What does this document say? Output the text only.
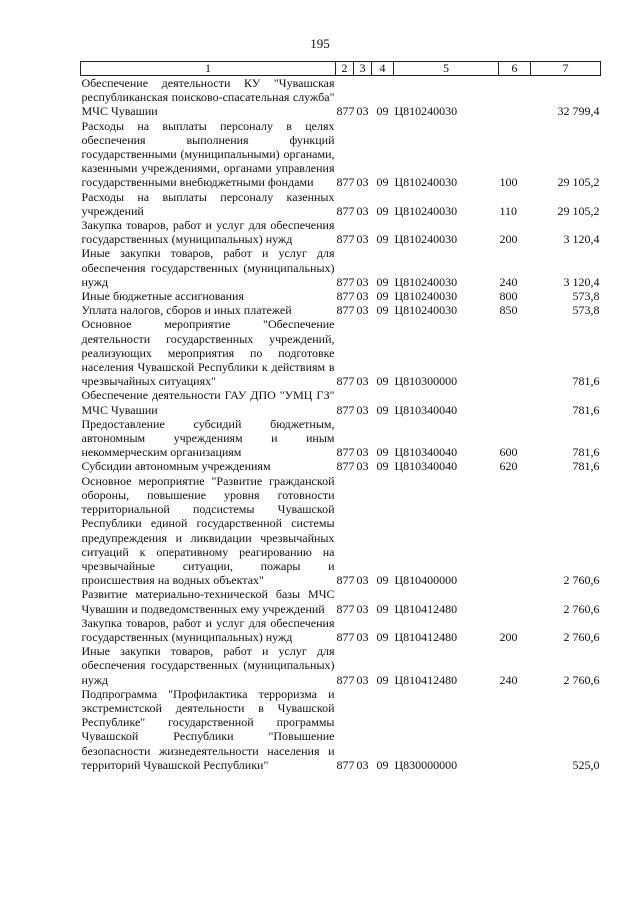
195
1	2	3	4	5	6	7
Обеспечение деятельности КУ "Чувашская республиканская поисково-спасательная служба" МЧС Чувашии	877	03	09	Ц810240030		32 799,4
Расходы на выплаты персоналу в целях обеспечения выполнения функций государственными (муниципальными) органами, казенными учреждениями, органами управления государственными внебюджетными фондами	877	03	09	Ц810240030	100	29 105,2
Расходы на выплаты персоналу казенных учреждений	877	03	09	Ц810240030	110	29 105,2
Закупка товаров, работ и услуг для обеспечения государственных (муниципальных) нужд	877	03	09	Ц810240030	200	3 120,4
Иные закупки товаров, работ и услуг для обеспечения государственных (муниципальных) нужд	877	03	09	Ц810240030	240	3 120,4
Иные бюджетные ассигнования	877	03	09	Ц810240030	800	573,8
Уплата налогов, сборов и иных платежей	877	03	09	Ц810240030	850	573,8
Основное мероприятие "Обеспечение деятельности государственных учреждений, реализующих мероприятия по подготовке населения Чувашской Республики к действиям в чрезвычайных ситуациях"	877	03	09	Ц810300000		781,6
Обеспечение деятельности ГАУ ДПО "УМЦ ГЗ" МЧС Чувашии	877	03	09	Ц810340040		781,6
Предоставление субсидий бюджетным, автономным учреждениям и иным некоммерческим организациям	877	03	09	Ц810340040	600	781,6
Субсидии автономным учреждениям	877	03	09	Ц810340040	620	781,6
Основное мероприятие "Развитие гражданской обороны, повышение уровня готовности территориальной подсистемы Чувашской Республики единой государственной системы предупреждения и ликвидации чрезвычайных ситуаций к оперативному реагированию на чрезвычайные ситуации, пожары и происшествия на водных объектах"	877	03	09	Ц810400000		2 760,6
Развитие материально-технической базы МЧС Чувашии и подведомственных ему учреждений	877	03	09	Ц810412480		2 760,6
Закупка товаров, работ и услуг для обеспечения государственных (муниципальных) нужд	877	03	09	Ц810412480	200	2 760,6
Иные закупки товаров, работ и услуг для обеспечения государственных (муниципальных) нужд	877	03	09	Ц810412480	240	2 760,6
Подпрограмма "Профилактика терроризма и экстремистской деятельности в Чувашской Республике" государственной программы Чувашской Республики "Повышение безопасности жизнедеятельности населения и территорий Чувашской Республики"	877	03	09	Ц830000000		525,0
